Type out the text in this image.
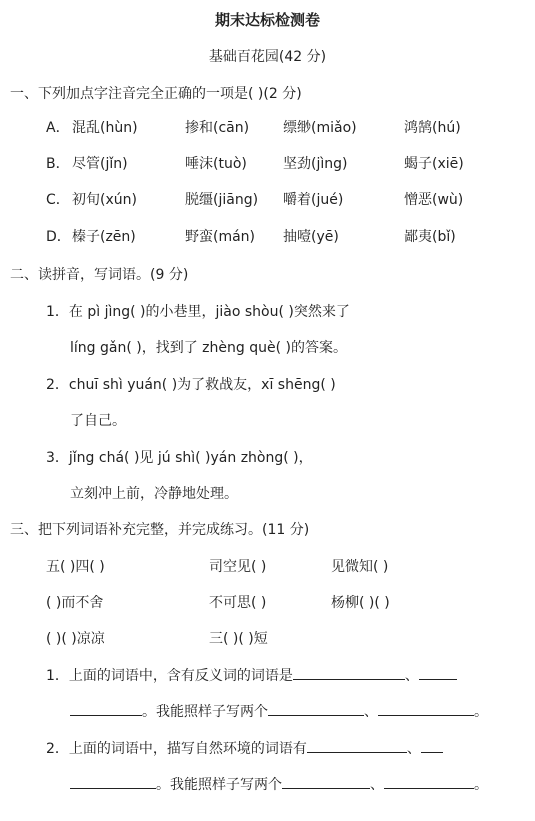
期末达标检测卷
基础百花园(42 分)
一、下列加点字注音完全正确的一项是( )(2 分)
A． 混乱(hùn)	掺和(cān) 缥缈(miǎo)	鸿鹄(hú)
B． 尽管(jǐn)	唾沫(tuò)	坚劲(jìng)	蝎子(xiē)
C． 初旬(xún)	脱缰(jiāng) 嚼着(jué)	憎恶(wù)
D． 榛子(zēn)	野蛮(mán) 抽噎(yē)	鄙夷(bǐ)
二、读拼音，写词语。(9 分)
1．在 pì jìng( )的小巷里，jiào shòu( )突然来了
líng gǎn( )，找到了 zhèng què( )的答案。
2．chuī shì yuán( )为了救战友，xī shēng( )
了自己。
3．jǐng chá( )见 jú shì( )yán zhòng( )，
立刻冲上前，冷静地处理。
三、把下列词语补充完整，并完成练习。(11 分)
五( )四( )	司空见( )	见微知( )
( )而不舍	不可思( )	杨柳( )( )
( )( )凉凉	三( )( )短
1．上面的词语中，含有反义词的词语是	、
。我能照样子写两个	、	。
2．上面的词语中，描写自然环境的词语有	、
。我能照样子写两个	、	。
